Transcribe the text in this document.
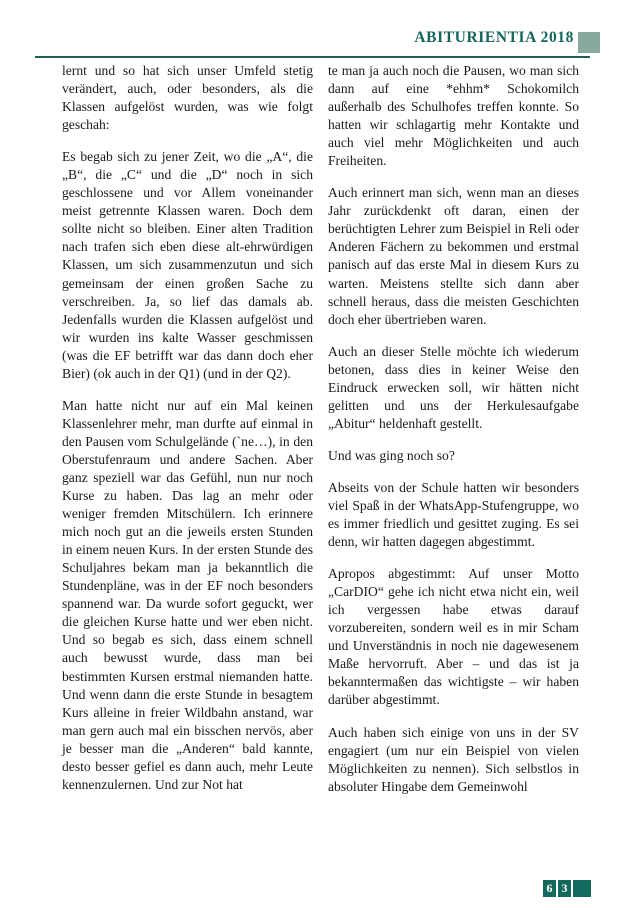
ABITURIENTIA 2018

lernt und so hat sich unser Umfeld stetig verändert, auch, oder besonders, als die Klassen aufgelöst wurden, was wie folgt geschah:

Es begab sich zu jener Zeit, wo die „A“, die „B“, die „C“ und die „D“ noch in sich geschlossene und vor Allem voneinander meist getrennte Klassen waren. Doch dem sollte nicht so bleiben. Einer alten Tradition nach trafen sich eben diese alt-ehrwürdigen Klassen, um sich zusammenzutun und sich gemeinsam der einen großen Sache zu verschreiben. Ja, so lief das damals ab. Jedenfalls wurden die Klassen aufgelöst und wir wurden ins kalte Wasser geschmissen (was die EF betrifft war das dann doch eher Bier) (ok auch in der Q1) (und in der Q2).

Man hatte nicht nur auf ein Mal keinen Klassenlehrer mehr, man durfte auf einmal in den Pausen vom Schulgelände (`ne…), in den Oberstufenraum und andere Sachen. Aber ganz speziell war das Gefühl, nun nur noch Kurse zu haben. Das lag an mehr oder weniger fremden Mitschülern. Ich erinnere mich noch gut an die jeweils ersten Stunden in einem neuen Kurs. In der ersten Stunde des Schuljahres bekam man ja bekanntlich die Stundenpläne, was in der EF noch besonders spannend war. Da wurde sofort geguckt, wer die gleichen Kurse hatte und wer eben nicht. Und so begab es sich, dass einem schnell auch bewusst wurde, dass man bei bestimmten Kursen erstmal niemanden hatte. Und wenn dann die erste Stunde in besagtem Kurs alleine in freier Wildbahn anstand, war man gern auch mal ein bisschen nervös, aber je besser man die „Anderen“ bald kannte, desto besser gefiel es dann auch, mehr Leute kennenzulernen. Und zur Not hat

te man ja auch noch die Pausen, wo man sich dann auf eine *ehhm* Schokomilch außerhalb des Schulhofes treffen konnte. So hatten wir schlagartig mehr Kontakte und auch viel mehr Möglichkeiten und auch Freiheiten.

Auch erinnert man sich, wenn man an dieses Jahr zurückdenkt oft daran, einen der berüchtigten Lehrer zum Beispiel in Reli oder Anderen Fächern zu bekommen und erstmal panisch auf das erste Mal in diesem Kurs zu warten. Meistens stellte sich dann aber schnell heraus, dass die meisten Geschichten doch eher übertrieben waren.

Auch an dieser Stelle möchte ich wiederum betonen, dass dies in keiner Weise den Eindruck erwecken soll, wir hätten nicht gelitten und uns der Herkulesaufgabe „Abitur“ heldenhaft gestellt.

Und was ging noch so?

Abseits von der Schule hatten wir besonders viel Spaß in der WhatsApp-Stufengruppe, wo es immer friedlich und gesittet zuging. Es sei denn, wir hatten dagegen abgestimmt.

Apropos abgestimmt: Auf unser Motto „CarDIO“ gehe ich nicht etwa nicht ein, weil ich vergessen habe etwas darauf vorzubereiten, sondern weil es in mir Scham und Unverständnis in noch nie dagewesenem Maße hervorruft. Aber – und das ist ja bekanntermaßen das wichtigste – wir haben darüber abgestimmt.

Auch haben sich einige von uns in der SV engagiert (um nur ein Beispiel von vielen Möglichkeiten zu nennen). Sich selbstlos in absoluter Hingabe dem Gemeinwohl

6 3
